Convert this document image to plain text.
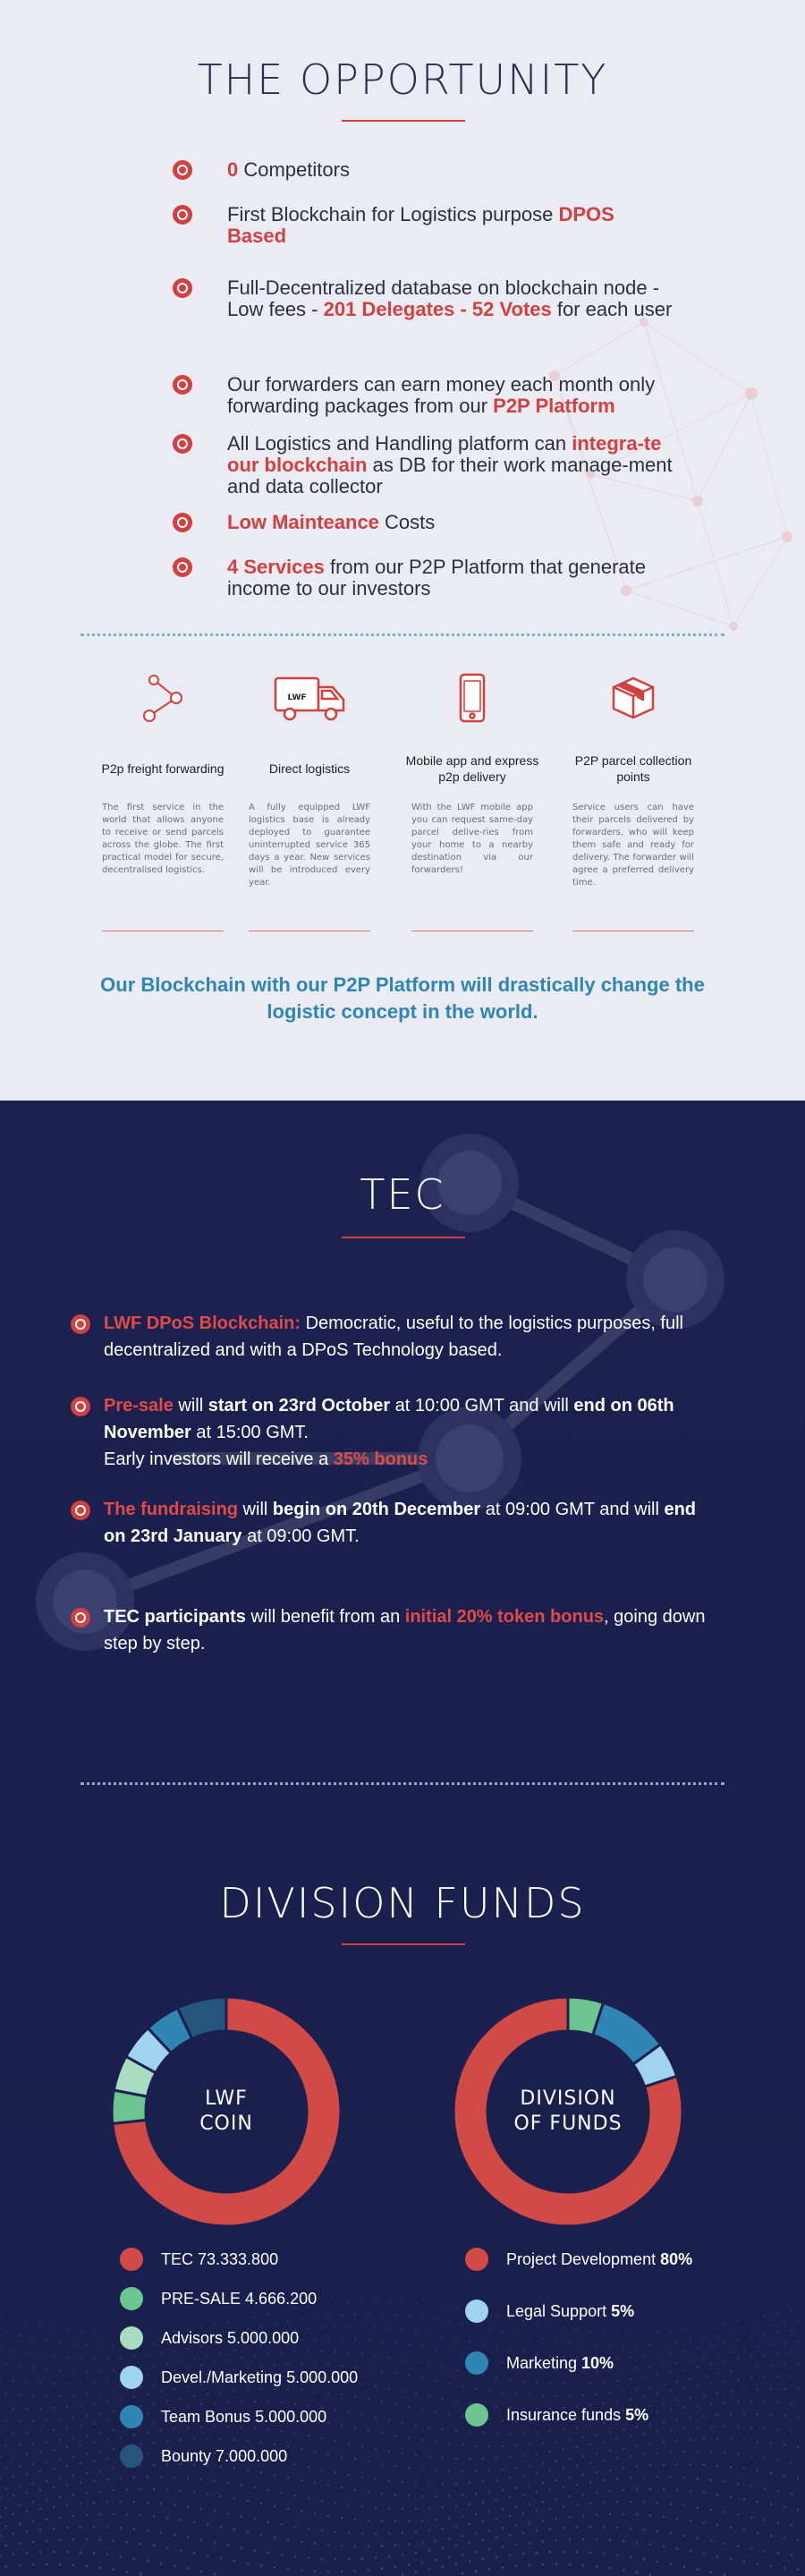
THE OPPORTUNITY
0 Competitors
First Blockchain for Logistics purpose DPOS Based
Full-Decentralized database on blockchain node - Low fees - 201 Delegates - 52 Votes for each user
Our forwarders can earn money each month only forwarding packages from our P2P Platform
All Logistics and Handling platform can integra-te our blockchain as DB for their work manage-ment and data collector
Low Mainteance Costs
4 Services from our P2P Platform that generate income to our investors
P2p freight forwarding
The first service in the world that allows anyone to receive or send parcels across the globe. The first practical model for secure, decentralised logistics.
LWF
Direct logistics
A fully equipped LWF logistics base is already deployed to guarantee uninterrupted service 365 days a year. New services will be introduced every year.
Mobile app and express p2p delivery
With the LWF mobile app you can request same-day parcel delive-ries from your home to a nearby destination via our forwarders!
P2P parcel collection points
Service users can have their parcels delivered by forwarders, who will keep them safe and ready for delivery. The forwarder will agree a preferred delivery time.

Our Blockchain with our P2P Platform will drastically change the logistic concept in the world.

TEC
LWF DPoS Blockchain: Democratic, useful to the logistics purposes, full decentralized and with a DPoS Technology based.
Pre-sale will start on 23rd October at 10:00 GMT and will end on 06th November at 15:00 GMT.
Early investors will receive a 35% bonus
The fundraising will begin on 20th December at 09:00 GMT and will end on 23rd January at 09:00 GMT.
TEC participants will benefit from an initial 20% token bonus, going down step by step.
DIVISION FUNDS
LWF
COIN
DIVISION
OF FUNDS
TEC 73.333.800
PRE-SALE 4.666.200
Advisors 5.000.000
Devel./Marketing 5.000.000
Team Bonus 5.000.000
Bounty 7.000.000
Project Development 80%
Legal Support 5%
Marketing 10%
Insurance funds 5%
